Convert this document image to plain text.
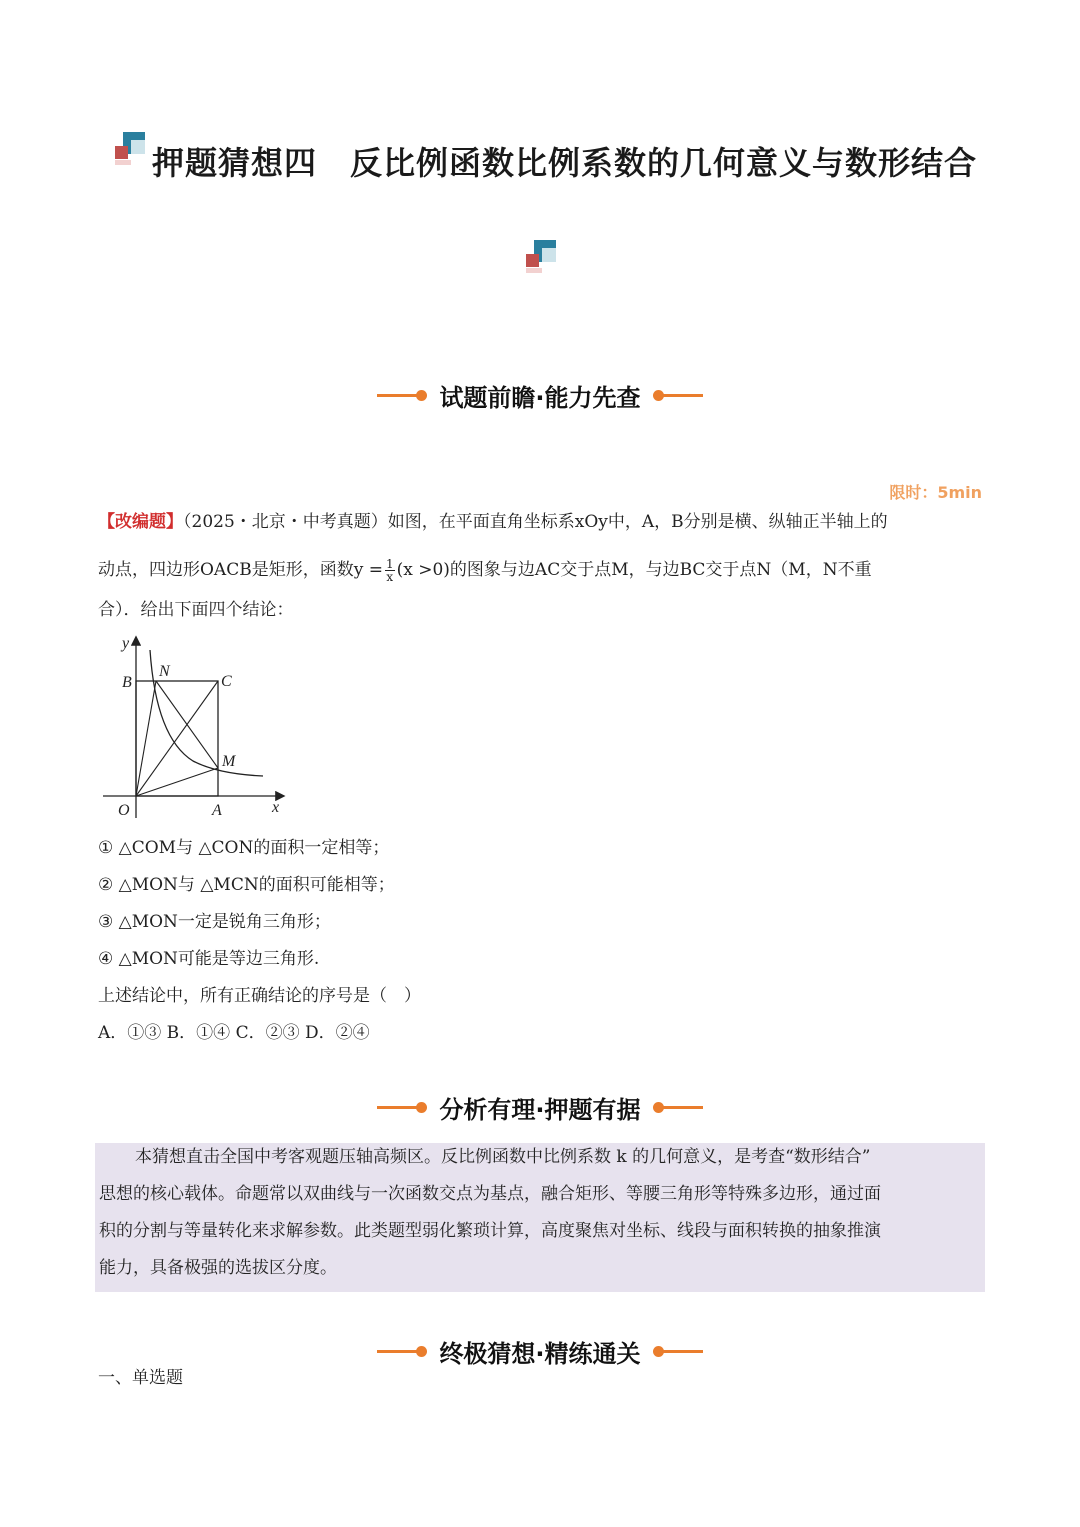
押题猜想四　反比例函数比例系数的几何意义与数形结合
试题前瞻·能力先查
限时：5min
【改编题】（2025・北京・中考真题）如图，在平面直角坐标系xOy中，A，B分别是横、纵轴正半轴上的
动点，四边形OACB是矩形，函数$y = \frac{1}{x} (x >0)$的图象与边AC交于点M，与边BC交于点N（M，N不重
合）．给出下面四个结论：
y
x
O	A
B	C
M
N
① △COM与 △CON的面积一定相等；
② △MON与 △MCN的面积可能相等；
③ △MON一定是锐角三角形；
④ △MON可能是等边三角形.
上述结论中，所有正确结论的序号是（　）
A．①③ B．①④ C．②③ D．②④
分析有理·押题有据
本猜想直击全国中考客观题压轴高频区。反比例函数中比例系数 k 的几何意义，是考查“数形结合”
思想的核心载体。命题常以双曲线与一次函数交点为基点，融合矩形、等腰三角形等特殊多边形，通过面
积的分割与等量转化来求解参数。此类题型弱化繁琐计算，高度聚焦对坐标、线段与面积转换的抽象推演
能力，具备极强的选拔区分度。
终极猜想·精练通关
一、单选题
